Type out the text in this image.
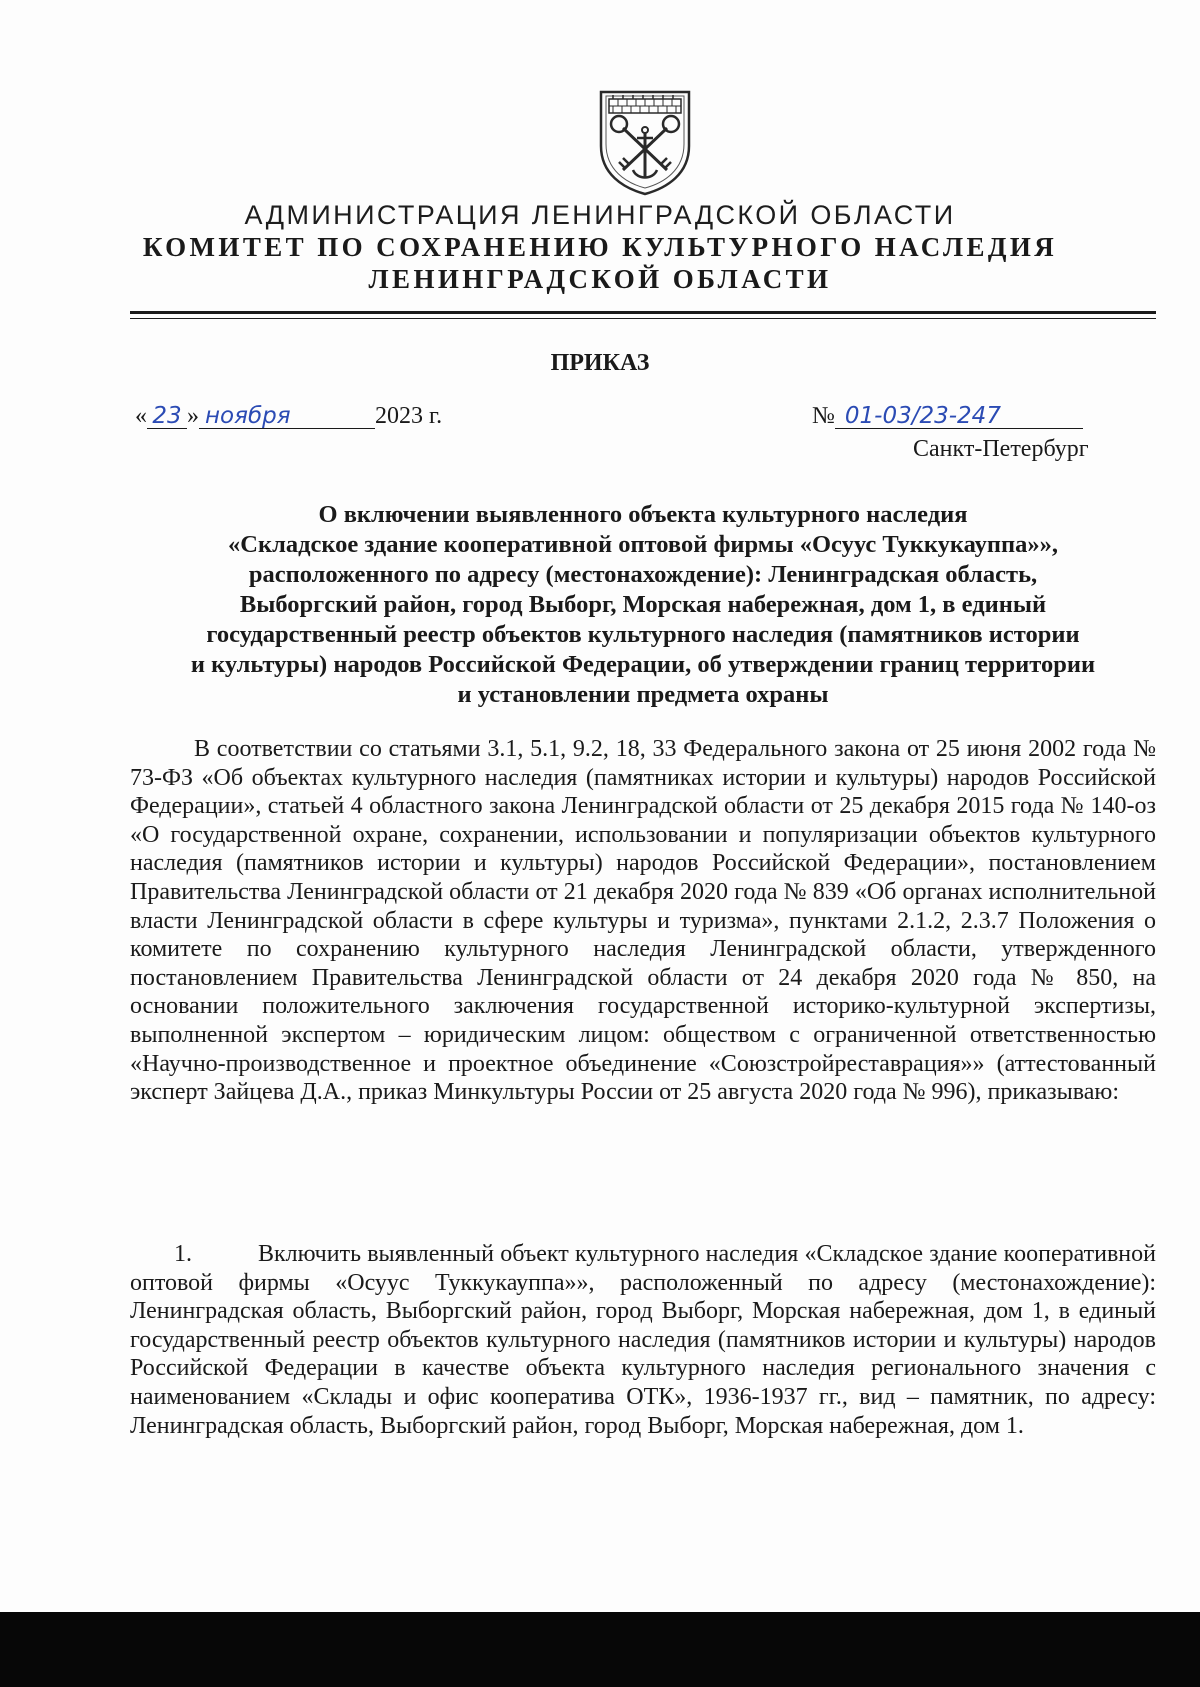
АДМИНИСТРАЦИЯ ЛЕНИНГРАДСКОЙ ОБЛАСТИ
КОМИТЕТ ПО СОХРАНЕНИЮ КУЛЬТУРНОГО НАСЛЕДИЯ
ЛЕНИНГРАДСКОЙ ОБЛАСТИ
ПРИКАЗ
« 23 » ноября	2023 г.	№ 01-03/23-247
Санкт-Петербург
О включении выявленного объекта культурного наследия
«Складское здание кооперативной оптовой фирмы «Осуус Туккукауппа»»,
расположенного по адресу (местонахождение): Ленинградская область,
Выборгский район, город Выборг, Морская набережная, дом 1, в единый
государственный реестр объектов культурного наследия (памятников истории
и культуры) народов Российской Федерации, об утверждении границ территории
и установлении предмета охраны
В соответствии со статьями 3.1, 5.1, 9.2, 18, 33 Федерального закона от 25 июня 2002 года № 73-ФЗ «Об объектах культурного наследия (памятниках истории и культуры) народов Российской Федерации», статьей 4 областного закона Ленинградской области от 25 декабря 2015 года № 140-оз «О государственной охране, сохранении, использовании и популяризации объектов культурного наследия (памятников истории и культуры) народов Российской Федерации», постановлением Правительства Ленинградской области от 21 декабря 2020 года № 839 «Об органах исполнительной власти Ленинградской области в сфере культуры и туризма», пунктами 2.1.2, 2.3.7 Положения о комитете по сохранению культурного наследия Ленинградской области, утвержденного постановлением Правительства Ленинградской области от 24 декабря 2020 года № 850, на основании положительного заключения государственной историко-культурной экспертизы, выполненной экспертом – юридическим лицом: обществом с ограниченной ответственностью «Научно-производственное и проектное объединение «Союзстройреставрация»» (аттестованный эксперт Зайцева Д.А., приказ Минкультуры России от 25 августа 2020 года № 996), приказываю:
1.	Включить выявленный объект культурного наследия «Складское здание кооперативной оптовой фирмы «Осуус Туккукауппа»», расположенный по адресу (местонахождение): Ленинградская область, Выборгский район, город Выборг, Морская набережная, дом 1, в единый государственный реестр объектов культурного наследия (памятников истории и культуры) народов Российской Федерации в качестве объекта культурного наследия регионального значения с наименованием «Склады и офис кооператива ОТК», 1936-1937 гг., вид – памятник, по адресу: Ленинградская область, Выборгский район, город Выборг, Морская набережная, дом 1.
